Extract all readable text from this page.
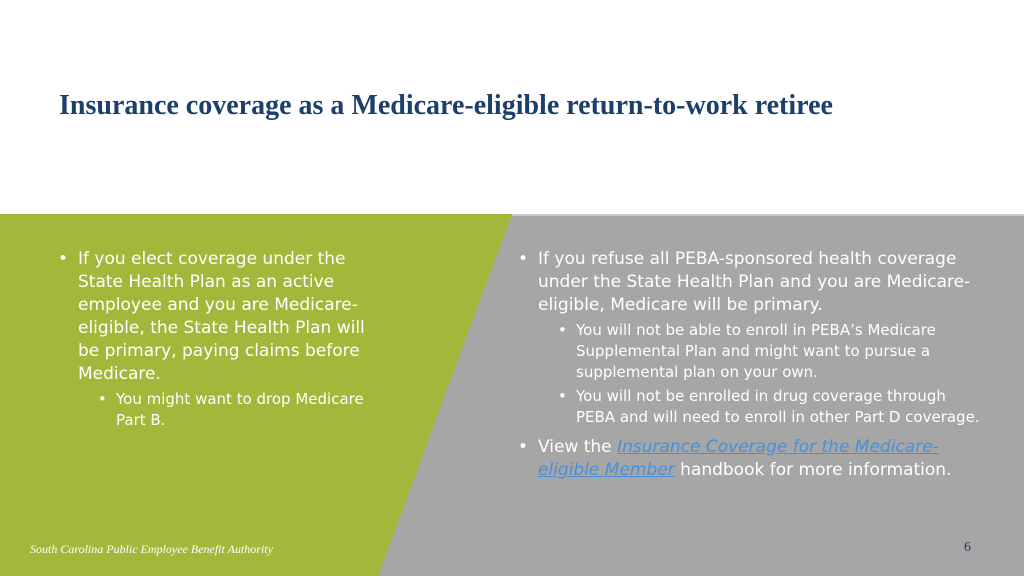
Insurance coverage as a Medicare-eligible return-to-work retiree
• If you elect coverage under the State Health Plan as an active employee and you are Medicare-eligible, the State Health Plan will be primary, paying claims before Medicare.
• You might want to drop Medicare Part B.
• If you refuse all PEBA-sponsored health coverage under the State Health Plan and you are Medicare-eligible, Medicare will be primary.
• You will not be able to enroll in PEBA’s Medicare Supplemental Plan and might want to pursue a supplemental plan on your own.
• You will not be enrolled in drug coverage through PEBA and will need to enroll in other Part D coverage.
• View the Insurance Coverage for the Medicare-eligible Member handbook for more information.
South Carolina Public Employee Benefit Authority	6
